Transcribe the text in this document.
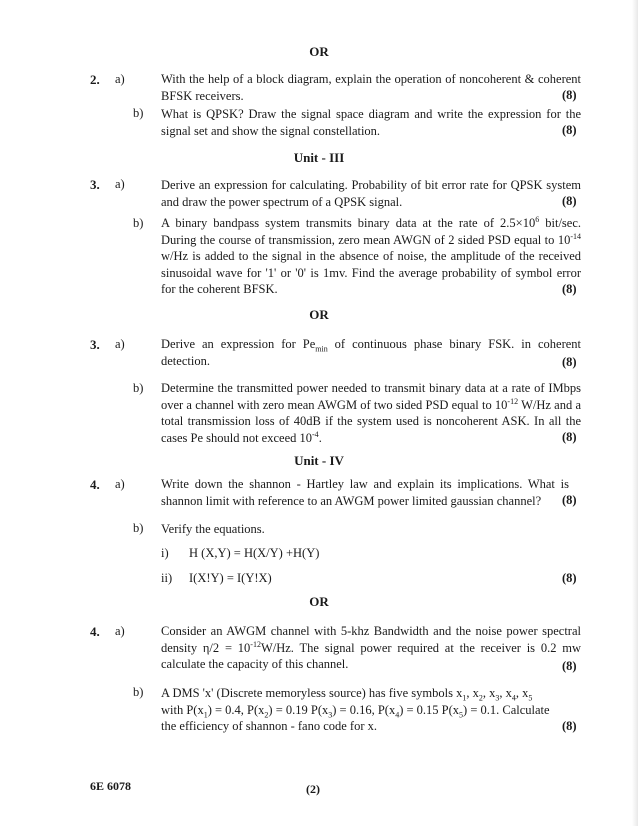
OR
2. a)	With the help of a block diagram, explain the operation of noncoherent & coherent BFSK receivers.	(8)
b) What is QPSK? Draw the signal space diagram and write the expression for the signal set and show the signal constellation.	(8)
Unit - III
3. a)	Derive an expression for calculating. Probability of bit error rate for QPSK system and draw the power spectrum of a QPSK signal.	(8)
b) A binary bandpass system transmits binary data at the rate of $2.5\times 10^6$ bit/sec. During the course of transmission, zero mean AWGN of 2 sided PSD equal to $10^{-14}$ w/Hz is added to the signal in the absence of noise, the amplitude of the received sinusoidal wave for '1' or '0' is 1mv. Find the average probability of symbol error for the coherent BFSK.	(8)
OR
3. a)	Derive an expression for $Pe_{min}$ of continuous phase binary FSK. in coherent detection.	(8)
b) Determine the transmitted power needed to transmit binary data at a rate of IMbps over a channel with zero mean AWGM of two sided PSD equal to $10^{-12}$ W/Hz and a total transmission loss of 40dB if the system used is noncoherent ASK. In all the cases Pe should not exceed $10^{-4}$.	(8)
Unit - IV
4. a)	Write down the shannon - Hartley law and explain its implications. What is shannon limit with reference to an AWGM power limited gaussian channel?	(8)
b) Verify the equations.
i) H (X,Y) = H(X/Y) +H(Y)
ii) I(X!Y) = I(Y!X)	(8)
OR
4. a)	Consider an AWGM channel with 5-khz Bandwidth and the noise power spectral density $\eta/2 = 10^{-12}W/Hz$. The signal power required at the receiver is 0.2 mw calculate the capacity of this channel.	(8)
b) A DMS 'x' (Discrete memoryless source) has five symbols $x_1$, $x_2$, $x_3$, $x_4$, $x_5$
with $P(x_1) = 0.4$, $P(x_2) = 0.19$ $P(x_3) = 0.16$, $P(x_4) = 0.15$ $P(x_5) = 0.1$. Calculate
the efficiency of shannon - fano code for x.	(8)
6E 6078	(2)
